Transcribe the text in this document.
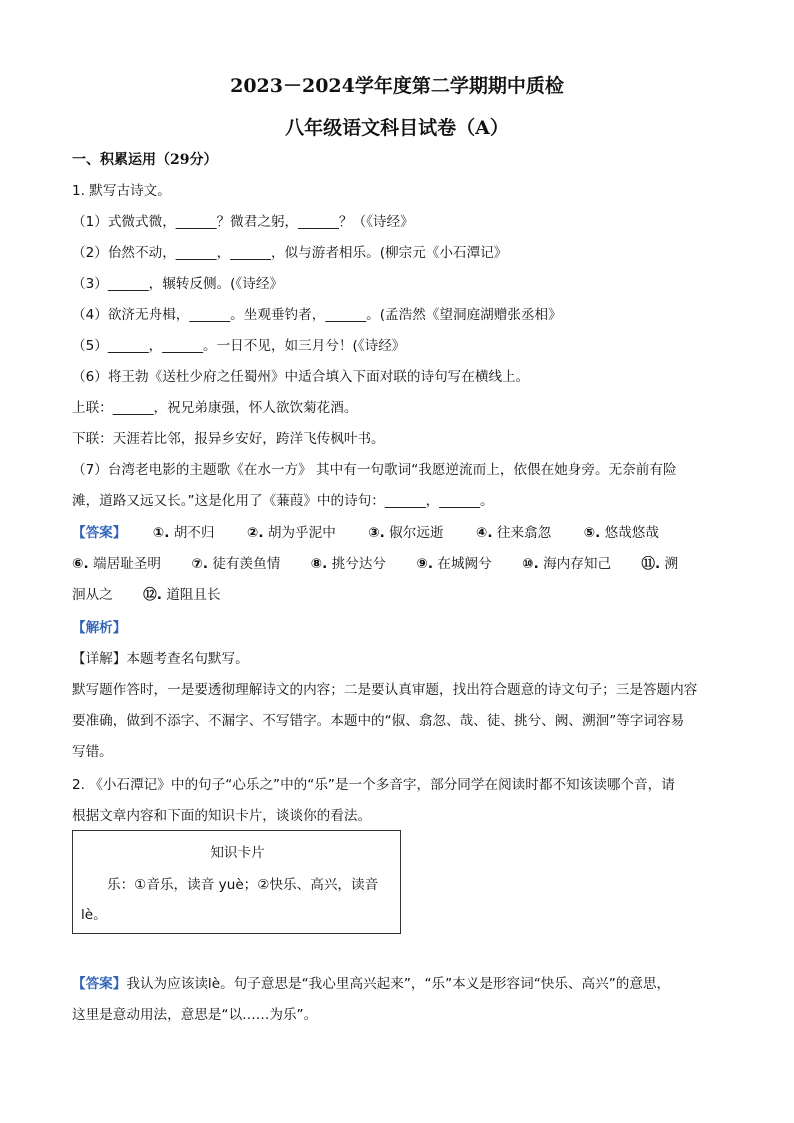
2023－2024学年度第二学期期中质检
八年级语文科目试卷（A）
一、积累运用（29分）
1. 默写古诗文。
（1）式微式微，______？微君之躬，______？（《诗经》
（2）佁然不动，______，______，似与游者相乐。(柳宗元《小石潭记》
（3）______，辗转反侧。(《诗经》
（4）欲济无舟楫，______。坐观垂钓者，______。(孟浩然《望洞庭湖赠张丞相》
（5）______，______。一日不见，如三月兮！(《诗经》
（6）将王勃《送杜少府之任蜀州》中适合填入下面对联的诗句写在横线上。
上联：______，祝兄弟康强，怀人欲饮菊花酒。
下联：天涯若比邻，报异乡安好，跨洋飞传枫叶书。
（7）台湾老电影的主题歌《在水一方》 其中有一句歌词“我愿逆流而上，依偎在她身旁。无奈前有险
滩，道路又远又长。”这是化用了《蒹葭》中的诗句：______，______。
【答案】 ①. 胡不归 ②. 胡为乎泥中 ③. 俶尔远逝 ④. 往来翕忽 ⑤. 悠哉悠哉
⑥. 端居耻圣明 ⑦. 徒有羡鱼情 ⑧. 挑兮达兮 ⑨. 在城阙兮 ⑩. 海内存知己 ⑪. 溯
洄从之 ⑫. 道阻且长
【解析】
【详解】本题考查名句默写。
默写题作答时，一是要透彻理解诗文的内容；二是要认真审题，找出符合题意的诗文句子；三是答题内容
要准确，做到不添字、不漏字、不写错字。本题中的“俶、翕忽、哉、徒、挑兮、阙、溯洄”等字词容易
写错。
2. 《小石潭记》中的句子“心乐之”中的“乐”是一个多音字，部分同学在阅读时都不知该读哪个音，请
根据文章内容和下面的知识卡片，谈谈你的看法。
知识卡片
乐：①音乐，读音 yuè；②快乐、高兴，读音
lè。
【答案】我认为应该读lè。句子意思是“我心里高兴起来”，“乐”本义是形容词“快乐、高兴”的意思，
这里是意动用法，意思是“以……为乐”。
